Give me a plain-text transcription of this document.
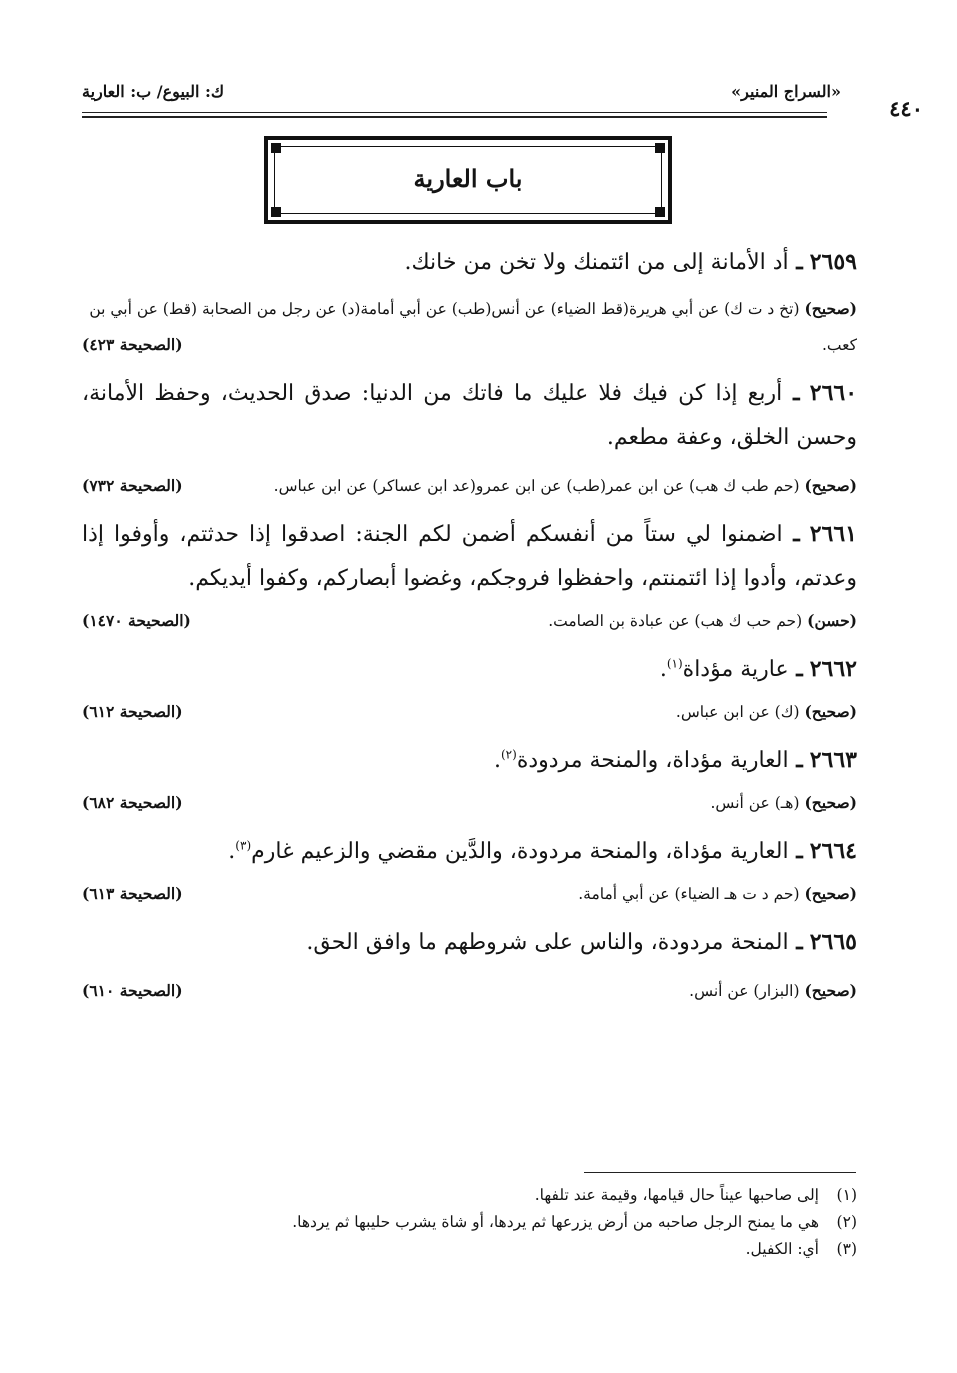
«السراج المنير»
ك: البيوع/ ب: العارية
٤٤٠
باب العارية

٢٦٥٩ ـ أد الأمانة إلى من ائتمنك ولا تخن من خانك.

(صحيح) (تخ د ت ك) عن أبي هريرة(قط الضياء) عن أنس(طب) عن أبي أمامة(د) عن رجل من الصحابة (قط) عن أبي بن كعب.
(الصحيحة ٤٢٣)

٢٦٦٠ ـ أربع إذا كن فيك فلا عليك ما فاتك من الدنيا: صدق الحديث، وحفظ الأمانة، وحسن الخلق، وعفة مطعم.

(صحيح) (حم طب ك هب) عن ابن عمر(طب) عن ابن عمرو(عد ابن عساكر) عن ابن عباس.
(الصحيحة ٧٣٢)

٢٦٦١ ـ اضمنوا لي ستاً من أنفسكم أضمن لكم الجنة: اصدقوا إذا حدثتم، وأوفوا إذا وعدتم، وأدوا إذا ائتمنتم، واحفظوا فروجكم، وغضوا أبصاركم، وكفوا أيديكم.

(حسن) (حم حب ك هب) عن عبادة بن الصامت.
(الصحيحة ١٤٧٠)

٢٦٦٢ ـ عارية مؤداة$^{(١)}$.

(صحيح) (ك) عن ابن عباس.
(الصحيحة ٦١٢)

٢٦٦٣ ـ العارية مؤداة، والمنحة مردودة$^{(٢)}$.

(صحيح) (هـ) عن أنس.
(الصحيحة ٦٨٢)

٢٦٦٤ ـ العارية مؤداة، والمنحة مردودة، والدَّين مقضي والزعيم غارم$^{(٣)}$.

(صحيح) (حم د ت هـ الضياء) عن أبي أمامة.
(الصحيحة ٦١٣)

٢٦٦٥ ـ المنحة مردودة، والناس على شروطهم ما وافق الحق.

(صحيح) (البزار) عن أنس.
(الصحيحة ٦١٠)
(١)إلى صاحبها عيناً حال قيامها، وقيمة عند تلفها.
(٢)هي ما يمنح الرجل صاحبه من أرض يزرعها ثم يردها، أو شاة يشرب حليبها ثم يردها.
(٣)أي: الكفيل.
